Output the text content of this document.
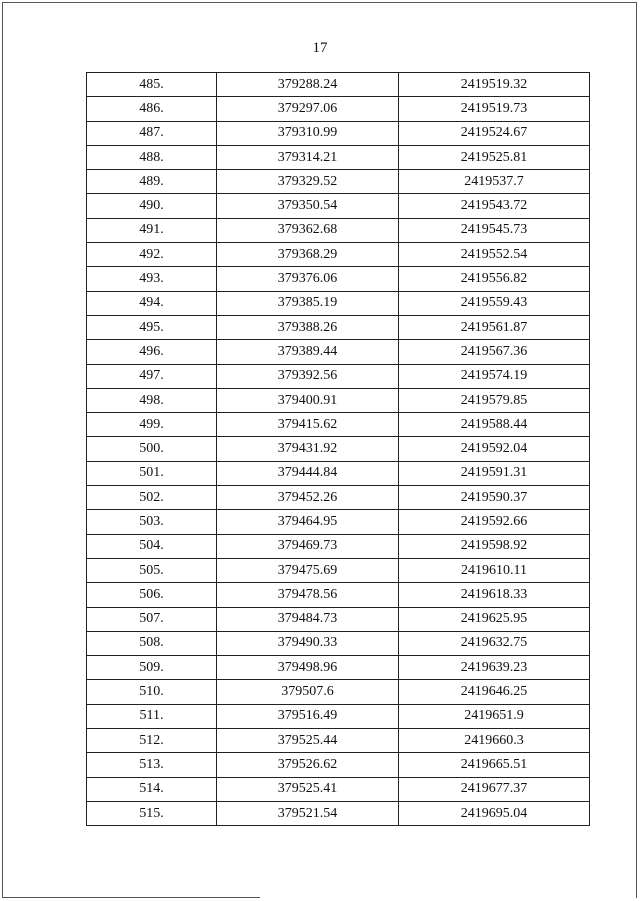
17
485.	379288.24	2419519.32
486.	379297.06	2419519.73
487.	379310.99	2419524.67
488.	379314.21	2419525.81
489.	379329.52	2419537.7
490.	379350.54	2419543.72
491.	379362.68	2419545.73
492.	379368.29	2419552.54
493.	379376.06	2419556.82
494.	379385.19	2419559.43
495.	379388.26	2419561.87
496.	379389.44	2419567.36
497.	379392.56	2419574.19
498.	379400.91	2419579.85
499.	379415.62	2419588.44
500.	379431.92	2419592.04
501.	379444.84	2419591.31
502.	379452.26	2419590.37
503.	379464.95	2419592.66
504.	379469.73	2419598.92
505.	379475.69	2419610.11
506.	379478.56	2419618.33
507.	379484.73	2419625.95
508.	379490.33	2419632.75
509.	379498.96	2419639.23
510.	379507.6	2419646.25
511.	379516.49	2419651.9
512.	379525.44	2419660.3
513.	379526.62	2419665.51
514.	379525.41	2419677.37
515.	379521.54	2419695.04
